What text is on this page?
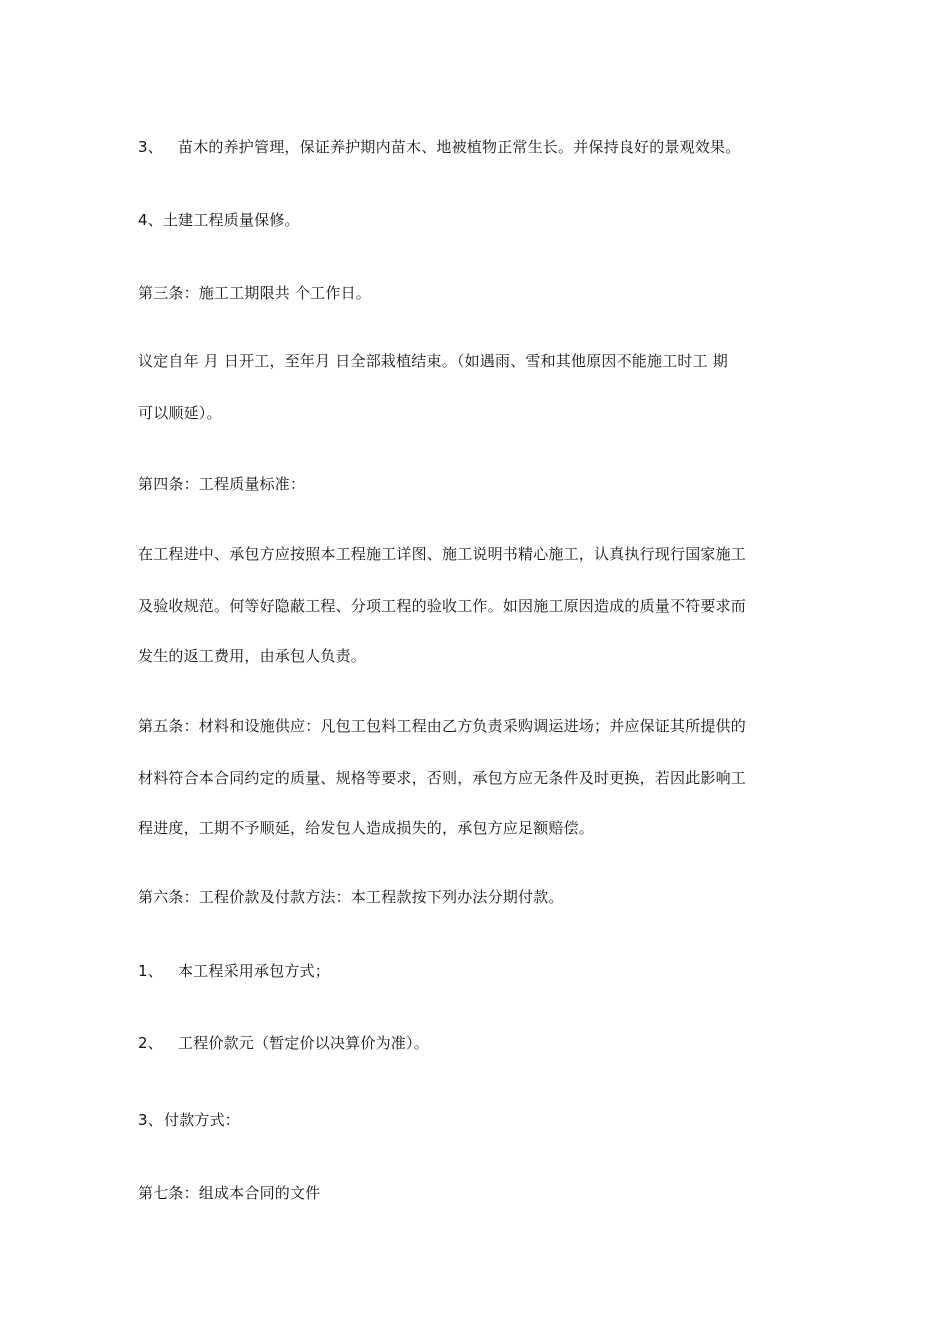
3、 苗木的养护管理，保证养护期内苗木、地被植物正常生长。并保持良好的景观效果。
4、土建工程质量保修。
第三条：施工工期限共 个工作日。
议定自年 月 日开工，至年月 日全部栽植结束。（如遇雨、雪和其他原因不能施工时工 期
可以顺延）。
第四条：工程质量标准：
在工程进中、承包方应按照本工程施工详图、施工说明书精心施工，认真执行现行国家施工
及验收规范。何等好隐蔽工程、分项工程的验收工作。如因施工原因造成的质量不符要求而
发生的返工费用，由承包人负责。
第五条：材料和设施供应：凡包工包料工程由乙方负责采购调运进场；并应保证其所提供的
材料符合本合同约定的质量、规格等要求，否则，承包方应无条件及时更换，若因此影响工
程进度，工期不予顺延，给发包人造成损失的，承包方应足额赔偿。
第六条：工程价款及付款方法：本工程款按下列办法分期付款。
1、 本工程采用承包方式；
2、 工程价款元（暂定价以决算价为准）。
3、付款方式：
第七条：组成本合同的文件
